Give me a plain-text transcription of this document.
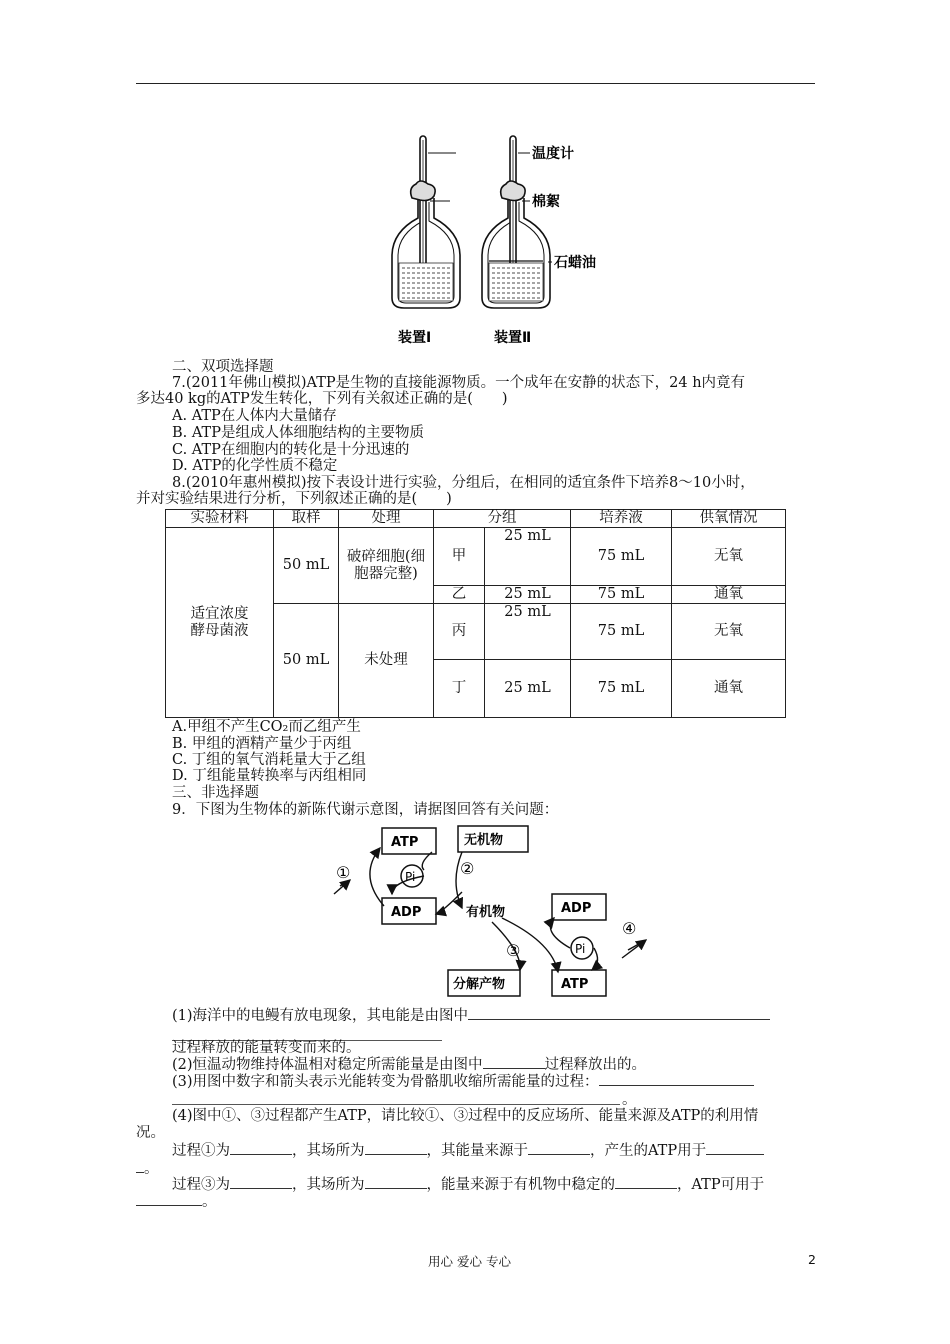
温度计
棉絮
石蜡油
装置Ⅰ	装置Ⅱ
二、双项选择题
7.(2011年佛山模拟)ATP是生物的直接能源物质。一个成年在安静的状态下，24 h内竟有
多达40 kg的ATP发生转化，下列有关叙述正确的是(　　)
A. ATP在人体内大量储存
B. ATP是组成人体细胞结构的主要物质
C. ATP在细胞内的转化是十分迅速的
D. ATP的化学性质不稳定
8.(2010年惠州模拟)按下表设计进行实验，分组后，在相同的适宜条件下培养8～10小时，
并对实验结果进行分析，下列叙述正确的是(　　)
实验材料	取样	处理	分组		培养液	供氧情况
适宜浓度酵母菌液	50 mL	破碎细胞(细胞器完整)	甲	25 mL	75 mL	无氧
			乙	25 mL	75 mL	通氧
	50 mL	未处理	丙	25 mL	75 mL	无氧
			丁	25 mL	75 mL	通氧
A.甲组不产生CO₂而乙组产生
B. 甲组的酒精产量少于丙组
C. 丁组的氧气消耗量大于乙组
D. 丁组能量转换率与丙组相同
三、非选择题
9．下图为生物体的新陈代谢示意图，请据图回答有关问题：
ATP	无机物
ADP	ADP
分解产物	ATP
Pi
Pi
有机物
①	②
③
④
(1)海洋中的电鳗有放电现象，其电能是由图中
过程释放的能量转变而来的。
(2)恒温动物维持体温相对稳定所需能量是由图中	过程释放出的。
(3)用图中数字和箭头表示光能转变为骨骼肌收缩所需能量的过程：
。
(4)图中①、③过程都产生ATP，请比较①、③过程中的反应场所、能量来源及ATP的利用情
况。
过程①为	，其场所为	，其能量来源于	，产生的ATP用于
。
过程③为	，其场所为	，能量来源于有机物中稳定的	，ATP可用于
。
用心 爱心 专心	2
